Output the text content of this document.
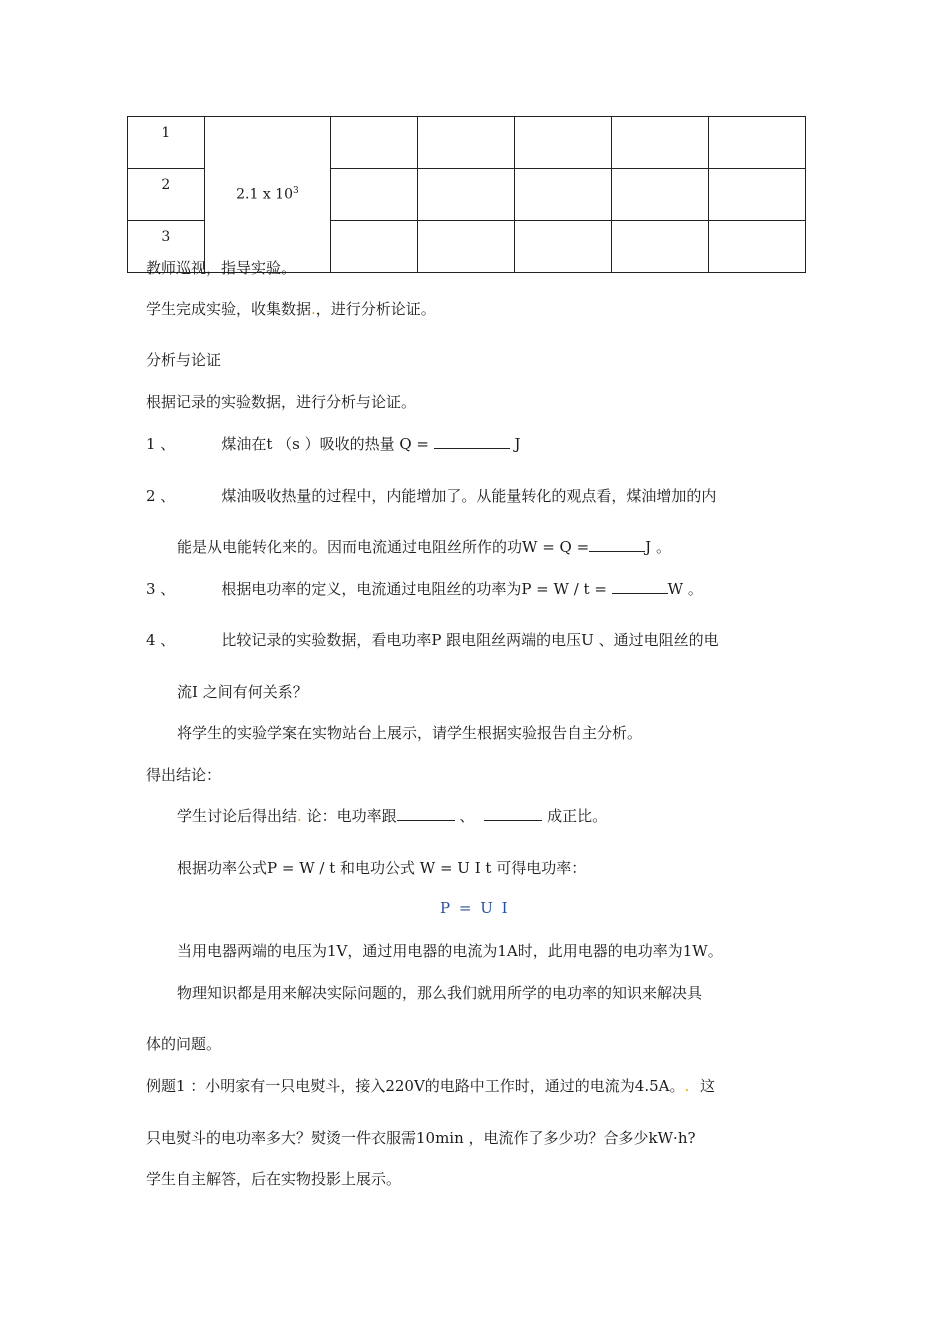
1	2.1 x $10^3$					
2						
3						
教师巡视，指导实验。
学生完成实验，收集数据.，进行分析论证。
分析与论证
根据记录的实验数据，进行分析与论证。
1 、	煤油在t （s ）吸收的热量 Q =	J
2 、	煤油吸收热量的过程中，内能增加了。从能量转化的观点看，煤油增加的内
能是从电能转化来的。因而电流通过电阻丝所作的功W = Q =	J 。
3 、	根据电功率的定义，电流通过电阻丝的功率为P = W / t =	W 。
4 、	比较记录的实验数据，看电功率P 跟电阻丝两端的电压U 、通过电阻丝的电
流I 之间有何关系？
将学生的实验学案在实物站台上展示，请学生根据实验报告自主分析。
得出结论：
学生讨论后得出结. 论：电功率跟	、	成正比。
根据功率公式P = W / t 和电功公式 W = U I t 可得电功率：
P = U I
当用电器两端的电压为1V，通过用电器的电流为1A时，此用电器的电功率为1W。
物理知识都是用来解决实际问题的，那么我们就用所学的电功率的知识来解决具
体的问题。
例题1 ：小明家有一只电熨斗，接入220V的电路中工作时，通过的电流为4.5A。. 这
只电熨斗的电功率多大？熨烫一件衣服需10min ，电流作了多少功？合多少kW·h?
学生自主解答，后在实物投影上展示。
